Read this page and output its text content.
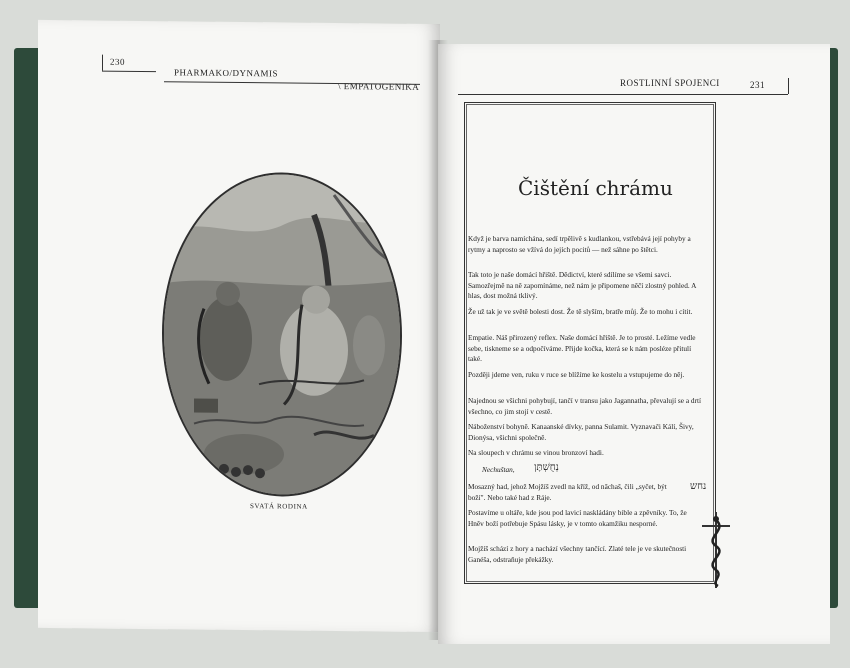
230
PHARMAKO/DYNAMIS
\ EMPATOGENIKA
SVATÁ RODINA
ROSTLINNÍ SPOJENCI	231
Čištění chrámu

Když je barva namíchána, sedí trpělivě s kudlankou, vstřebává její pohyby a rytmy a naprosto se vžívá do jejích pocitů — než sáhne po štětci.

Tak toto je naše domácí hřiště. Dědictví, které sdílíme se všemi savci. Samozřejmě na ně zapomínáme, než nám je připomene něčí zlostný pohled. A hlas, dost možná tklivý.

Že už tak je ve světě bolesti dost. Že tě slyším, bratře můj. Že to mohu i cítit.

Empatie. Náš přirozený reflex. Naše domácí hřiště. Je to prosté. Ležíme vedle sebe, tiskneme se a odpočíváme. Přijde kočka, která se k nám posléze přitulí také.

Později jdeme ven, ruku v ruce se blížíme ke kostelu a vstupujeme do něj.

Najednou se všichni pohybují, tančí v transu jako Jagannatha, převalují se a drtí všechno, co jim stojí v cestě.

Náboženství bohyně. Kanaanské dívky, panna Sulamit. Vyznavači Kálí, Šivy, Dionýsa, všichni společně.

Na sloupech v chrámu se vinou bronzoví hadi.

Nechuštan,	נְחֻשְׁתָּן

Mosazný had, jehož Mojžíš zvedl na kříž, od nāchaš, čili „syčet, být boží". Nebo také had z Ráje.

נחש

Postavíme u oltáře, kde jsou pod lavicí naskládány bible a zpěvníky. To, že Hněv boží potřebuje Spásu lásky, je v tomto okamžiku nesporné.

Mojžíš schází z hory a nachází všechny tančící. Zlaté tele je ve skutečnosti Ganéša, odstraňuje překážky.
